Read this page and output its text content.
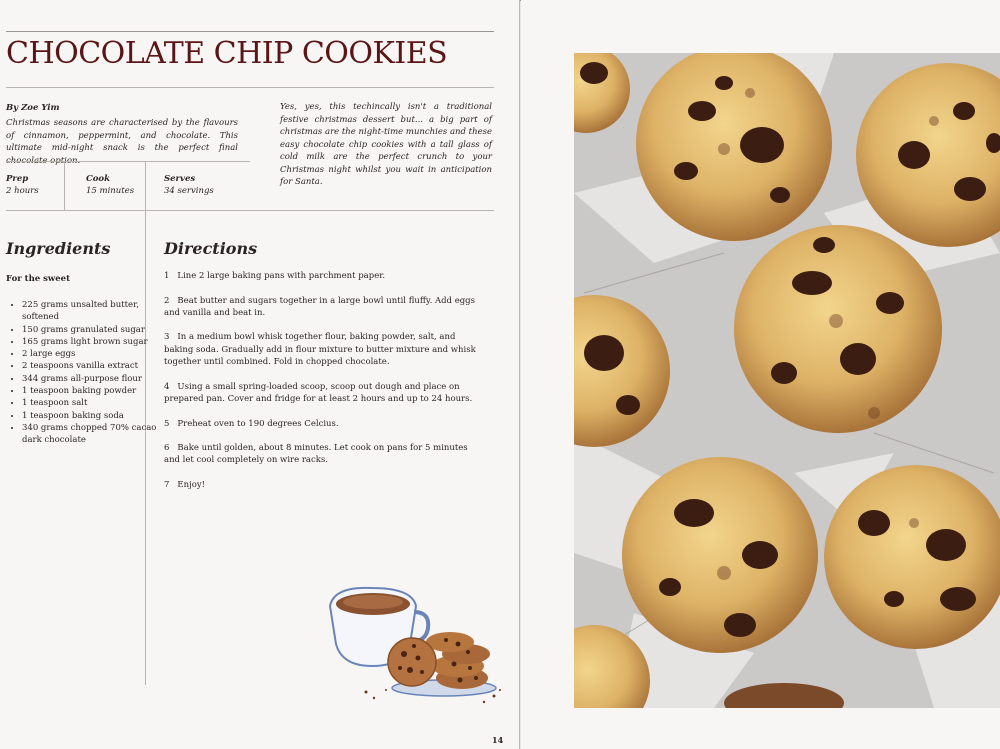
CHOCOLATE CHIP COOKIES
By Zoe Yim
Christmas seasons are characterised by the flavours of cinnamon, peppermint, and chocolate. This ultimate mid-night snack is the perfect final
Yes, yes, this techincally isn't a traditional festive christmas dessert but... a big part of christmas are the night-time munchies and these easy chocolate chip cookies with a tall glass of cold milk are the perfect crunch to your Christmas night whilst you wait in anticipation for Santa.
Prep
2 hours
Cook
15 minutes
Serves
34 servings
Ingredients
For the sweet
• 225 grams unsalted butter, softened
• 150 grams granulated sugar
• 165 grams light brown sugar
• 2 large eggs
• 2 teaspoons vanilla extract
• 344 grams all-purpose flour
• 1 teaspoon baking powder
• 1 teaspoon salt
• 1 teaspoon baking soda
• 340 grams chopped 70% cacao dark chocolate
Directions
1 Line 2 large baking pans with parchment paper.
2 Beat butter and sugars together in a large bowl until fluffy. Add eggs and vanilla and beat in.
3 In a medium bowl whisk together flour, baking powder, salt, and baking soda. Gradually add in flour mixture to butter mixture and whisk together until combined. Fold in chopped chocolate.
4 Using a small spring-loaded scoop, scoop out dough and place on prepared pan. Cover and fridge for at least 2 hours and up to 24 hours.
5 Preheat oven to 190 degrees Celcius.
6 Bake until golden, about 8 minutes. Let cook on pans for 5 minutes and let cool completely on wire racks.
7 Enjoy!
14
